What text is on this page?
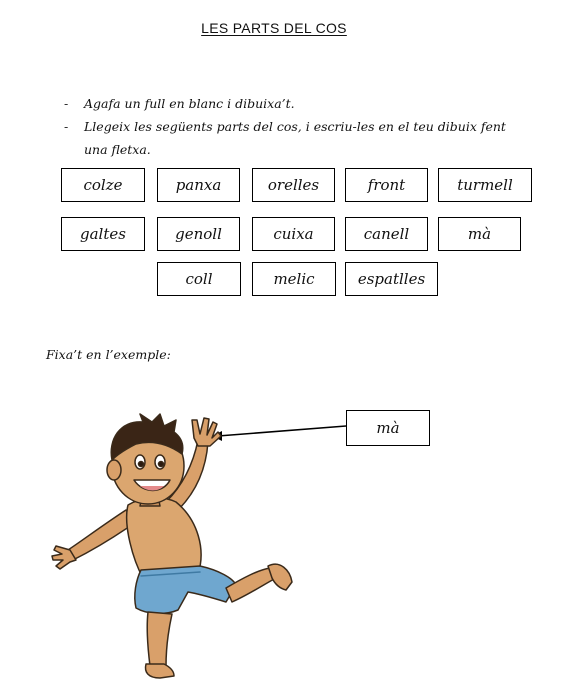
LES PARTS DEL COS
-	Agafa un full en blanc i dibuixa’t.
-	Llegeix les següents parts del cos, i escriu-les en el teu dibuix fent una fletxa.
colze	panxa	orelles	front	turmell
galtes	genoll	cuixa	canell	mà
coll	melic	espatlles
Fixa’t en l’exemple:
mà
